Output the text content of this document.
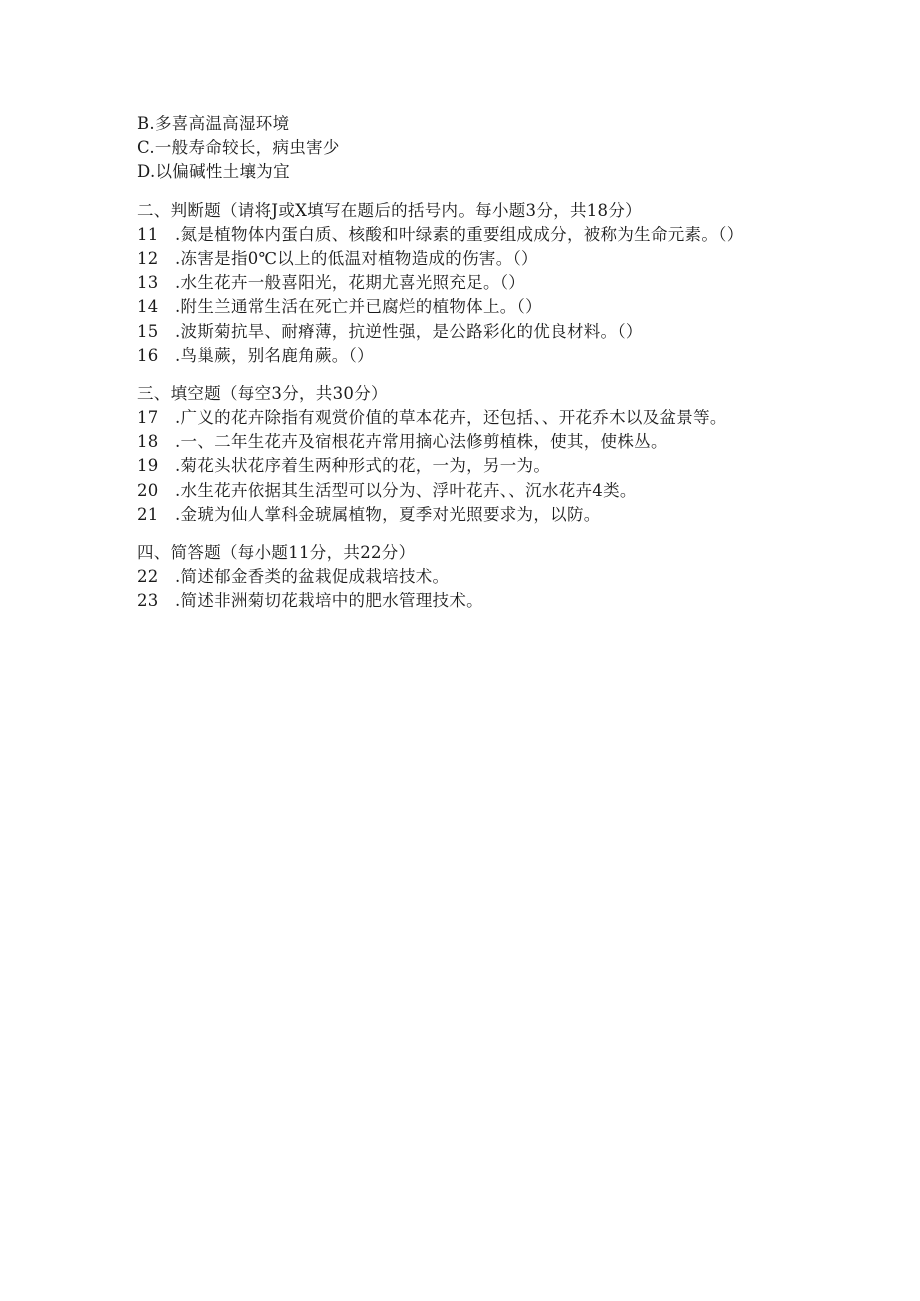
B.多喜高温高湿环境
C.一般寿命较长，病虫害少
D.以偏碱性土壤为宜
二、判断题（请将J或X填写在题后的括号内。每小题3分，共18分）
11 .氮是植物体内蛋白质、核酸和叶绿素的重要组成成分，被称为生命元素。（）
12 .冻害是指0℃以上的低温对植物造成的伤害。（）
13 .水生花卉一般喜阳光，花期尤喜光照充足。（）
14 .附生兰通常生活在死亡并已腐烂的植物体上。（）
15 .波斯菊抗旱、耐瘠薄，抗逆性强，是公路彩化的优良材料。（）
16 .鸟巢蕨，别名鹿角蕨。（）
三、填空题（每空3分，共30分）
17 .广义的花卉除指有观赏价值的草本花卉，还包括、、开花乔木以及盆景等。
18 .一、二年生花卉及宿根花卉常用摘心法修剪植株，使其，使株丛。
19 .菊花头状花序着生两种形式的花，一为，另一为。
20 .水生花卉依据其生活型可以分为、浮叶花卉、、沉水花卉4类。
21 .金琥为仙人掌科金琥属植物，夏季对光照要求为，以防。
四、简答题（每小题11分，共22分）
22 .简述郁金香类的盆栽促成栽培技术。
23 .简述非洲菊切花栽培中的肥水管理技术。
